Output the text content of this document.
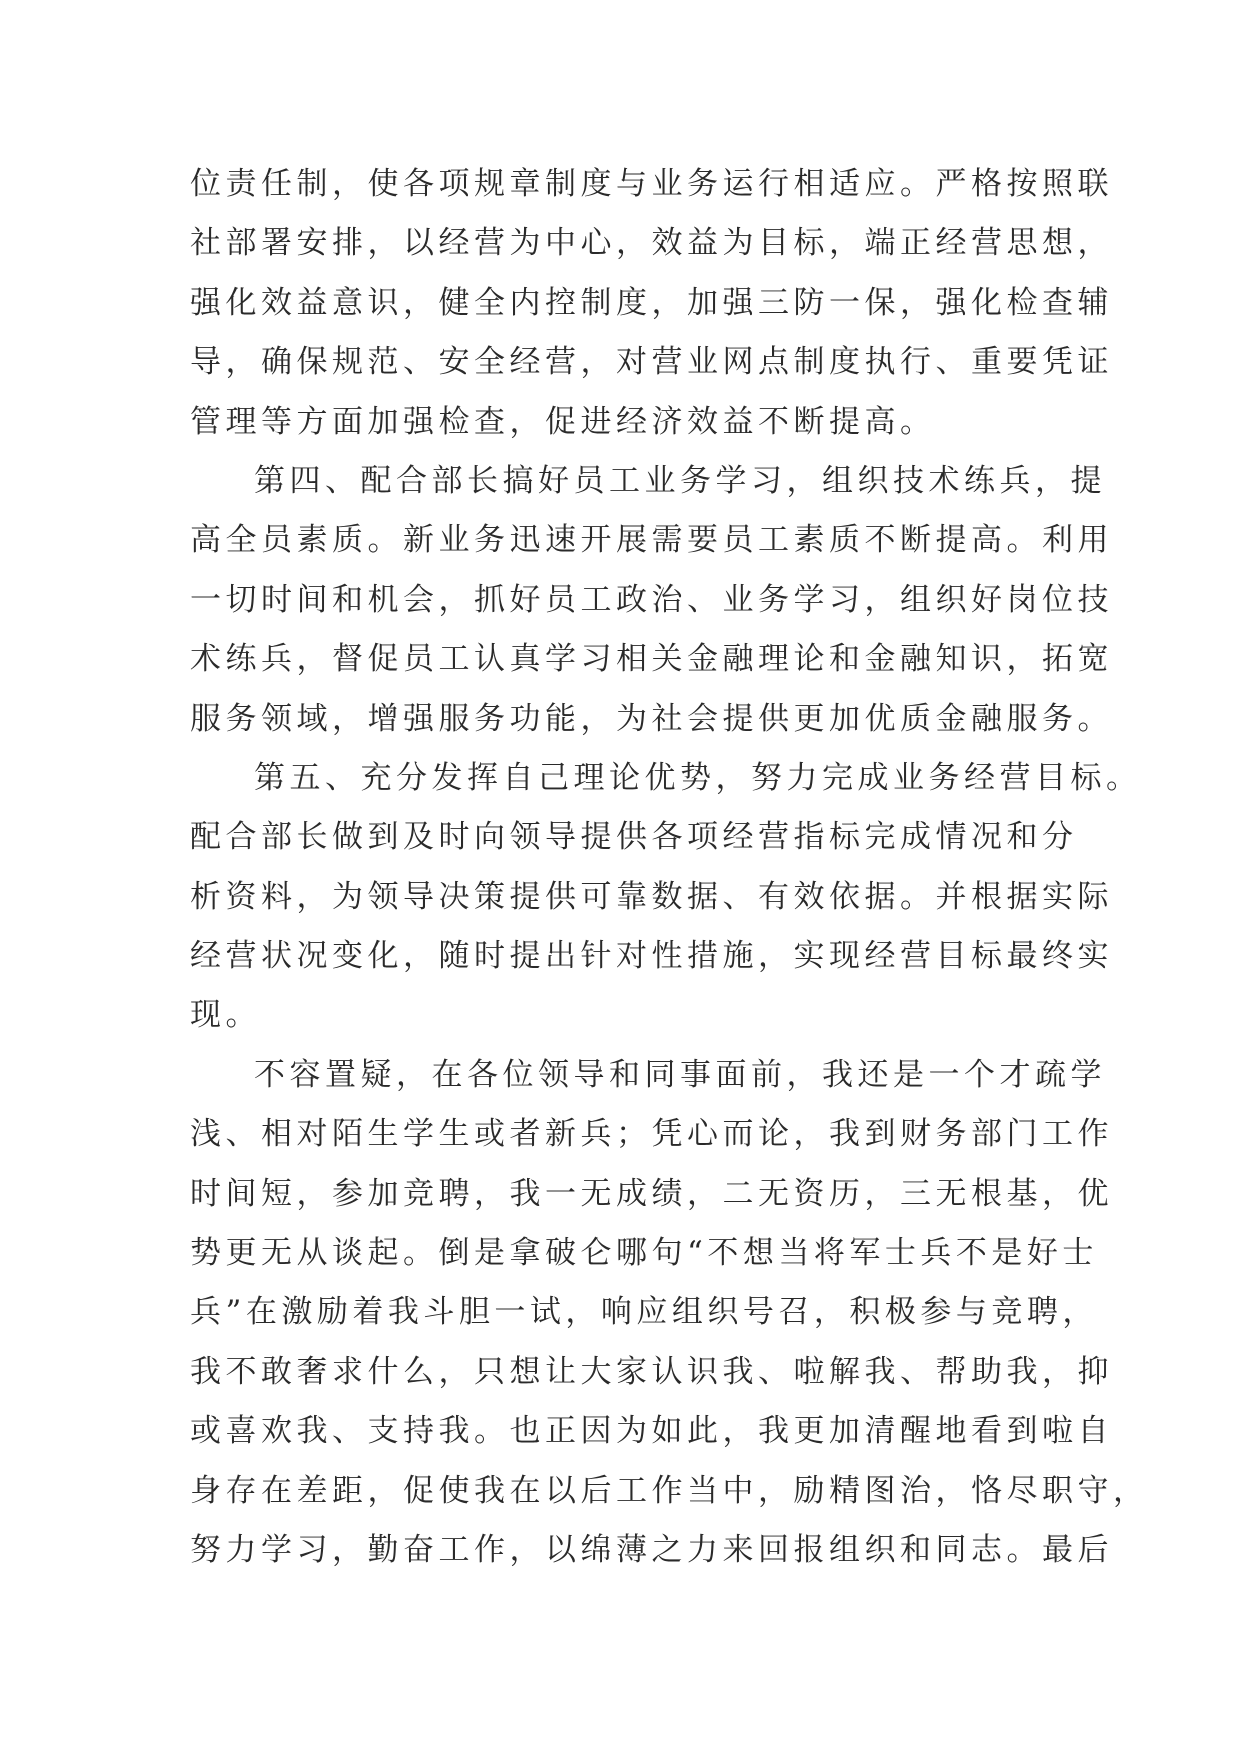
位责任制，使各项规章制度与业务运行相适应。严格按照联
社部署安排，以经营为中心，效益为目标，端正经营思想，
强化效益意识，健全内控制度，加强三防一保，强化检查辅
导，确保规范、安全经营，对营业网点制度执行、重要凭证
管理等方面加强检查，促进经济效益不断提高。
第四、配合部长搞好员工业务学习，组织技术练兵，提
高全员素质。新业务迅速开展需要员工素质不断提高。利用
一切时间和机会，抓好员工政治、业务学习，组织好岗位技
术练兵，督促员工认真学习相关金融理论和金融知识，拓宽
服务领域，增强服务功能，为社会提供更加优质金融服务。
第五、充分发挥自己理论优势，努力完成业务经营目标。
配合部长做到及时向领导提供各项经营指标完成情况和分
析资料，为领导决策提供可靠数据、有效依据。并根据实际
经营状况变化，随时提出针对性措施，实现经营目标最终实
现。
不容置疑，在各位领导和同事面前，我还是一个才疏学
浅、相对陌生学生或者新兵；凭心而论，我到财务部门工作
时间短，参加竞聘，我一无成绩，二无资历，三无根基，优
势更无从谈起。倒是拿破仑哪句“不想当将军士兵不是好士
兵”在激励着我斗胆一试，响应组织号召，积极参与竞聘，
我不敢奢求什么，只想让大家认识我、啦解我、帮助我，抑
或喜欢我、支持我。也正因为如此，我更加清醒地看到啦自
身存在差距，促使我在以后工作当中，励精图治，恪尽职守，
努力学习，勤奋工作，以绵薄之力来回报组织和同志。最后
